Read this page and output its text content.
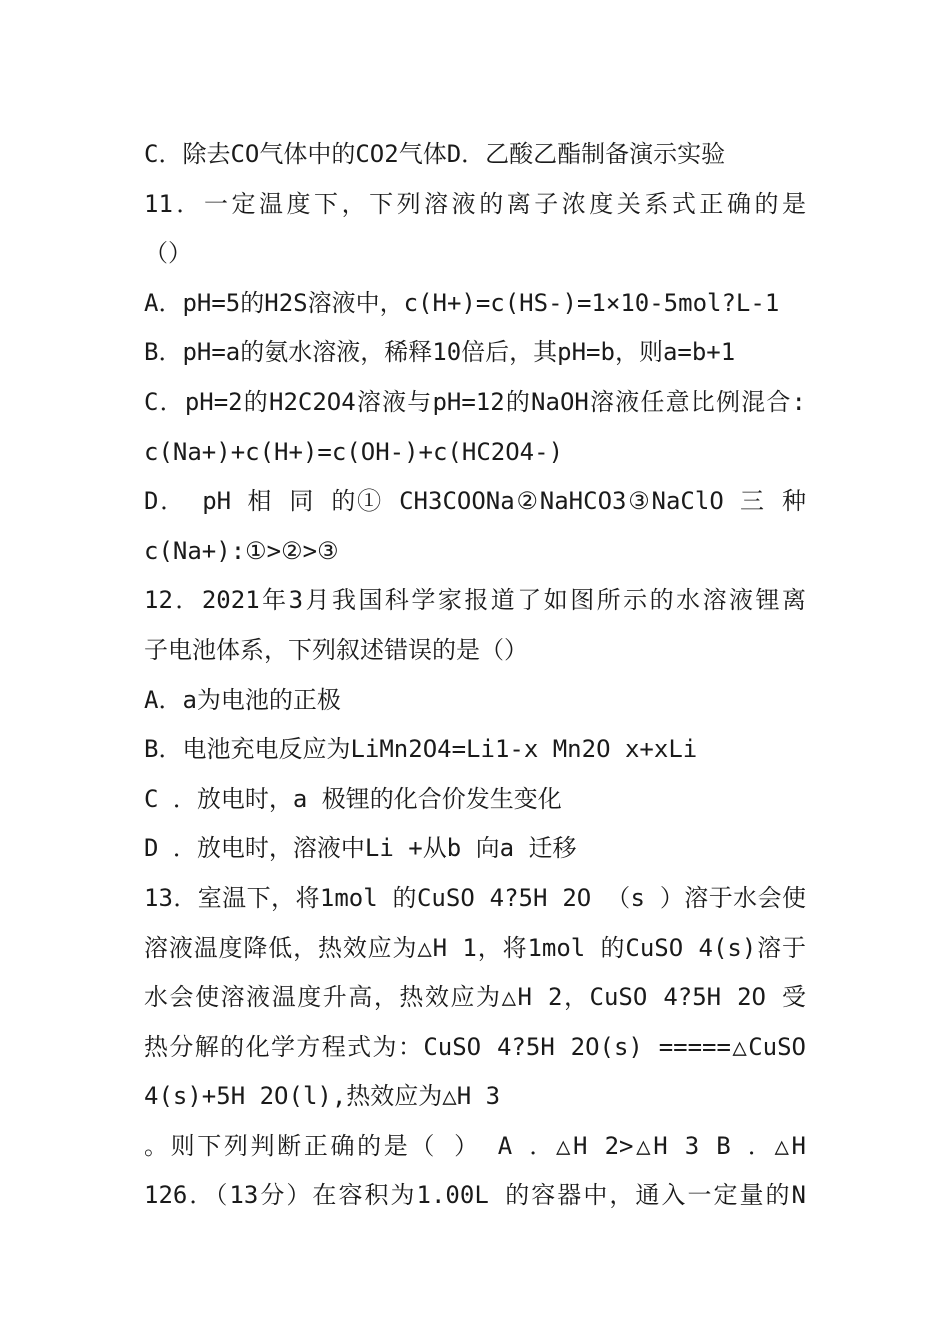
C．除去CO气体中的CO2气体D．乙酸乙酯制备演示实验
11．一定温度下，下列溶液的离子浓度关系式正确的是
（）
A．pH=5的H2S溶液中，c(H+)=c(HS-)=1×10-5mol?L-1
B．pH=a的氨水溶液，稀释10倍后，其pH=b，则a=b+1
C．pH=2的H2C2O4溶液与pH=12的NaOH溶液任意比例混合:
c(Na+)+c(H+)=c(OH-)+c(HC2O4-)
D． pH 相 同 的① CH3COONa②NaHCO3③NaClO 三 种
c(Na+):①>②>③
12．2021年3月我国科学家报道了如图所示的水溶液锂离
子电池体系，下列叙述错误的是（）
A．a为电池的正极
B．电池充电反应为LiMn2O4=Li1-x Mn2O x+xLi
C ．放电时，a 极锂的化合价发生变化
D ．放电时，溶液中Li +从b 向a 迁移
13．室温下，将1mol 的CuSO 4?5H 2O （s ）溶于水会使
溶液温度降低，热效应为△H 1，将1mol 的CuSO 4(s)溶于
水会使溶液温度升高，热效应为△H 2，CuSO 4?5H 2O 受
热分解的化学方程式为：CuSO 4?5H 2O(s) =====△CuSO
4(s)+5H 2O(l),热效应为△H 3
。则下列判断正确的是（ ） A ．△H 2>△H 3 B ．△H
126．（13分）在容积为1.00L 的容器中，通入一定量的N
